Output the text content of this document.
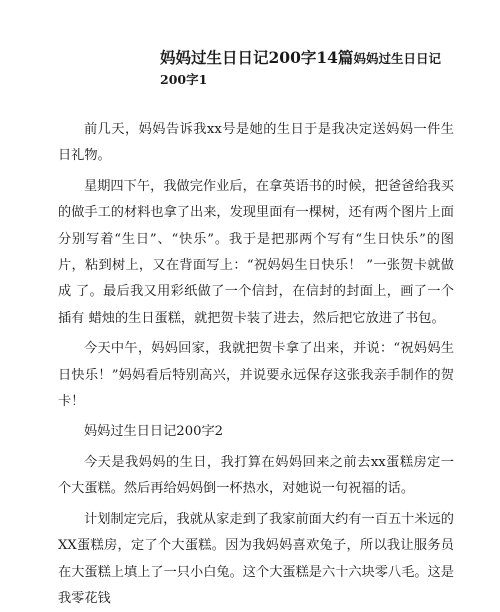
妈妈过生日日记200字14篇妈妈过生日日记
200字1

前几天，妈妈告诉我xx号是她的生日于是我决定送妈妈一件生 日礼物。

星期四下午，我做完作业后，在拿英语书的时候，把爸爸给我买 的做手工的材料也拿了出来，发现里面有一棵树，还有两个图片上面 分别写着“生日”、“快乐”。我于是把那两个写有“生日快乐”的图 片，粘到树上，又在背面写上：“祝妈妈生日快乐！ ”一张贺卡就做成 了。最后我又用彩纸做了一个信封，在信封的封面上，画了一个插有 蜡烛的生日蛋糕，就把贺卡装了进去，然后把它放进了书包。

今天中午，妈妈回家，我就把贺卡拿了出来，并说：“祝妈妈生 日快乐！”妈妈看后特别高兴，并说要永远保存这张我亲手制作的贺 卡！

妈妈过生日日记200字2

今天是我妈妈的生日，我打算在妈妈回来之前去xx蛋糕房定一 个大蛋糕。然后再给妈妈倒一杯热水，对她说一句祝福的话。

计划制定完后，我就从家走到了我家前面大约有一百五十米远的 XX蛋糕房，定了个大蛋糕。因为我妈妈喜欢兔子，所以我让服务员 在大蛋糕上填上了一只小白兔。这个大蛋糕是六十六块零八毛。这是 我零花钱
